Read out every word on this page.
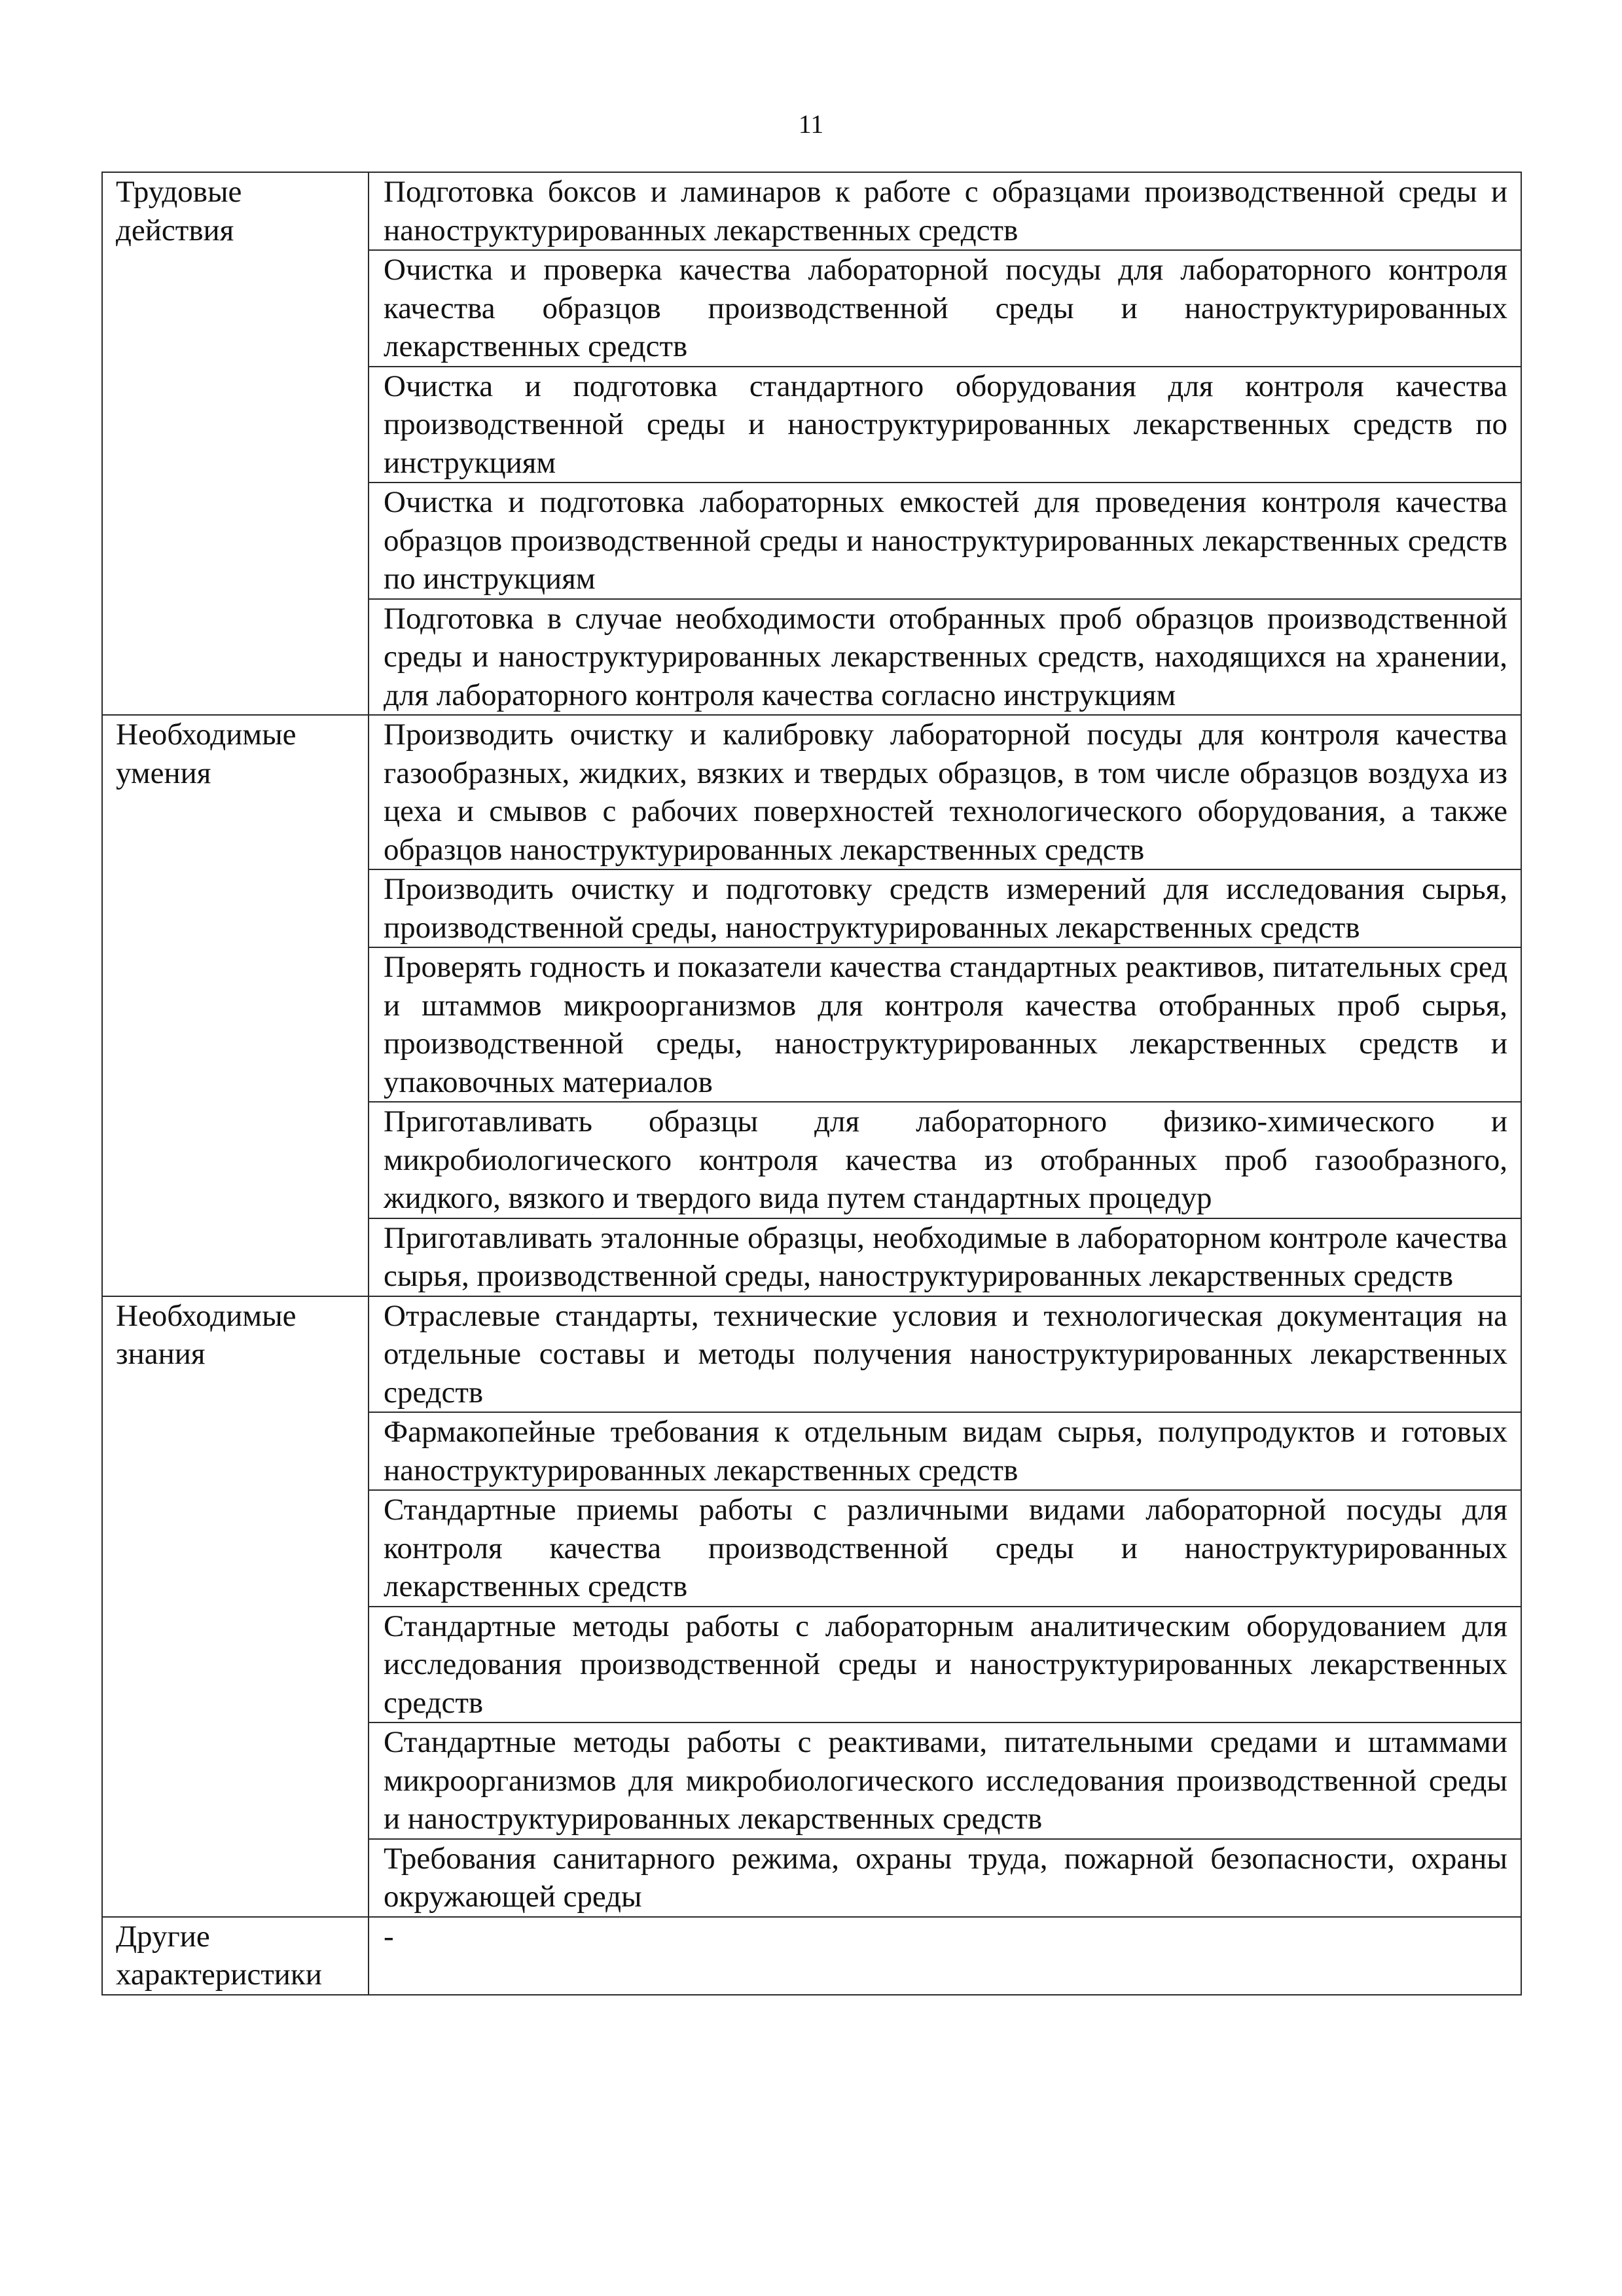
11
Трудовые действия	Подготовка боксов и ламинаров к работе с образцами производственной среды и наноструктурированных лекарственных средств
	Очистка и проверка качества лабораторной посуды для лабораторного контроля качества образцов производственной среды и наноструктурированных лекарственных средств
	Очистка и подготовка стандартного оборудования для контроля качества производственной среды и наноструктурированных лекарственных средств по инструкциям
	Очистка и подготовка лабораторных емкостей для проведения контроля качества образцов производственной среды и наноструктурированных лекарственных средств по инструкциям
	Подготовка в случае необходимости отобранных проб образцов производственной среды и наноструктурированных лекарственных средств, находящихся на хранении, для лабораторного контроля качества согласно инструкциям
Необходимые умения	Производить очистку и калибровку лабораторной посуды для контроля качества газообразных, жидких, вязких и твердых образцов, в том числе образцов воздуха из цеха и смывов с рабочих поверхностей технологического оборудования, а также образцов наноструктурированных лекарственных средств
	Производить очистку и подготовку средств измерений для исследования сырья, производственной среды, наноструктурированных лекарственных средств
	Проверять годность и показатели качества стандартных реактивов, питательных сред и штаммов микроорганизмов для контроля качества отобранных проб сырья, производственной среды, наноструктурированных лекарственных средств и упаковочных материалов
	Приготавливать образцы для лабораторного физико-химического и микробиологического контроля качества из отобранных проб газообразного, жидкого, вязкого и твердого вида путем стандартных процедур
	Приготавливать эталонные образцы, необходимые в лабораторном контроле качества сырья, производственной среды, наноструктурированных лекарственных средств
Необходимые знания	Отраслевые стандарты, технические условия и технологическая документация на отдельные составы и методы получения наноструктурированных лекарственных средств
	Фармакопейные требования к отдельным видам сырья, полупродуктов и готовых наноструктурированных лекарственных средств
	Стандартные приемы работы с различными видами лабораторной посуды для контроля качества производственной среды и наноструктурированных лекарственных средств
	Стандартные методы работы с лабораторным аналитическим оборудованием для исследования производственной среды и наноструктурированных лекарственных средств
	Стандартные методы работы с реактивами, питательными средами и штаммами микроорганизмов для микробиологического исследования производственной среды и наноструктурированных лекарственных средств
	Требования санитарного режима, охраны труда, пожарной безопасности, охраны окружающей среды
Другие характеристики	-
